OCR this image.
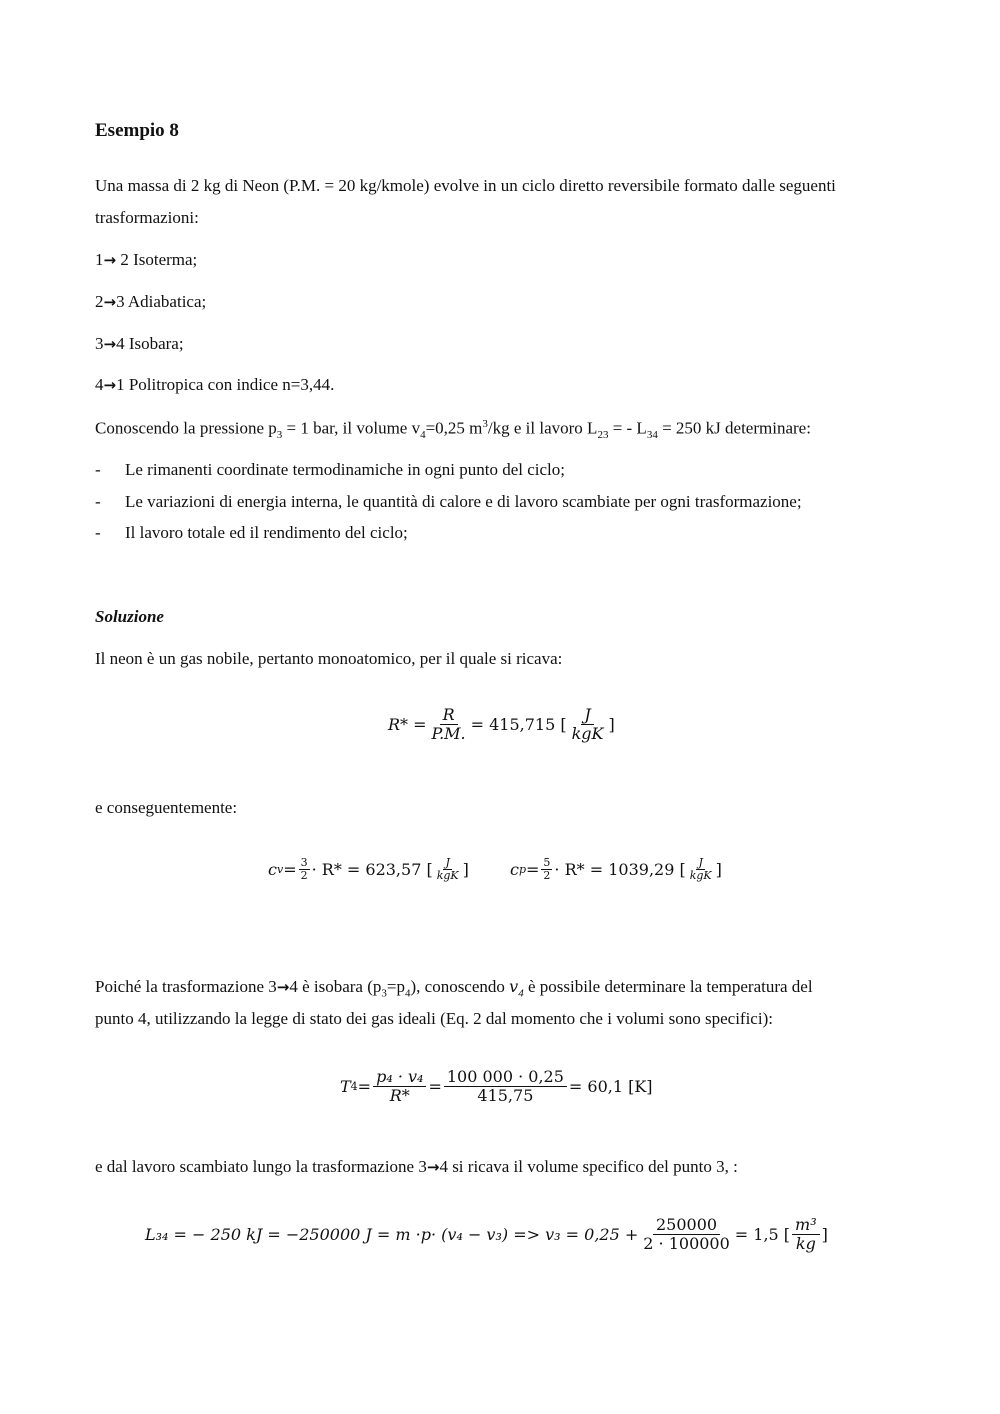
Esempio 8
Una massa di 2 kg di Neon (P.M. = 20 kg/kmole) evolve in un ciclo diretto reversibile formato dalle seguenti
trasformazioni:
1→ 2 Isoterma;
2→3 Adiabatica;
3→4 Isobara;
4→1 Politropica con indice n=3,44.
Conoscendo la pressione $p_3 = 1$ bar, il volume $v_4=0,25$ $m^3/kg$ e il lavoro $L_{23}$ = - $L_{34} = 250$ kJ determinare:
-	Le rimanenti coordinate termodinamiche in ogni punto del ciclo;
-	Le variazioni di energia interna, le quantità di calore e di lavoro scambiate per ogni trasformazione;
-	Il lavoro totale ed il rendimento del ciclo;
Soluzione
Il neon è un gas nobile, pertanto monoatomico, per il quale si ricava:
$R* = \frac{R}{P.M.} = 415,715$ [ $\frac{J}{\text{kgK}}$ ]
e conseguentemente:
c $v = \frac{3}{2} \cdot R* = 623,57$ [ $\frac{J}{\text{kgK}}$ ]	c $p = \frac{5}{2} \cdot R* = 1039,29$ [ $\frac{J}{\text{kgK}}$ ]
Poiché la trasformazione 3→4 è isobara $(p_3=p_4)$, conoscendo $v_4$ è possibile determinare la temperatura del
punto 4, utilizzando la legge di stato dei gas ideali (Eq. 2 dal momento che i volumi sono specifici):
T $4 = \frac{\text{p₄ · v₄}}{R*} = \frac{100 000 \cdot 0,25}{415,75} = 60,1$ [K]
e dal lavoro scambiato lungo la trasformazione 3→4 si ricava il volume specifico del punto 3, :
L₃₄ = − 250 kJ = −250000 $J = m \cdot p\cdot (v_4 - v_3) => v_3 = 0,25 + \frac{250000}{2 \cdot 100000} = 1,5$ [ $\frac{\text{m³}}{kg}$ ]
